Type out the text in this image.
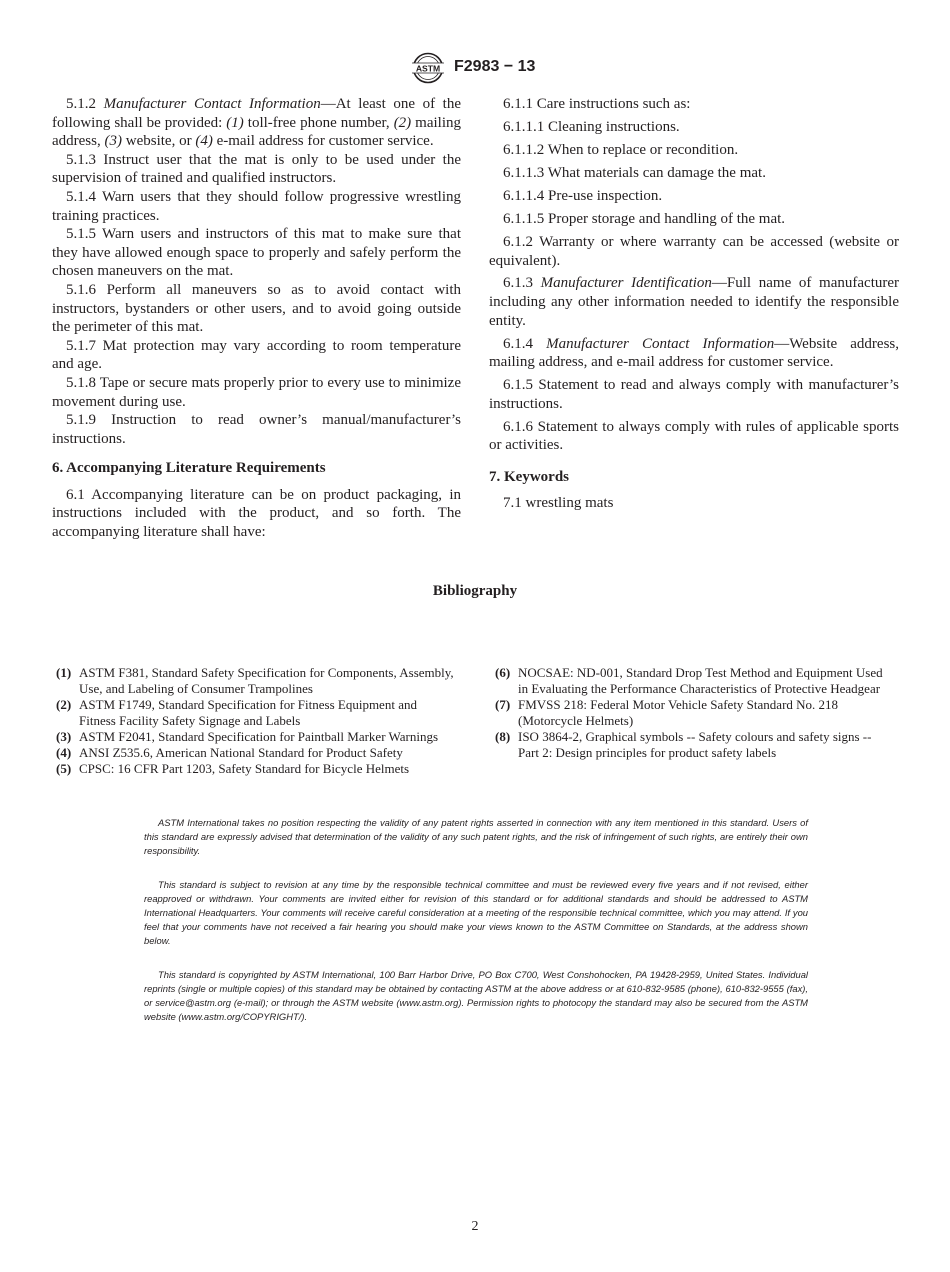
ASTM F2983 − 13

5.1.2 Manufacturer Contact Information—At least one of the following shall be provided: (1) toll-free phone number, (2) mailing address, (3) website, or (4) e-mail address for customer service.

5.1.3 Instruct user that the mat is only to be used under the supervision of trained and qualified instructors.

5.1.4 Warn users that they should follow progressive wrestling training practices.

5.1.5 Warn users and instructors of this mat to make sure that they have allowed enough space to properly and safely perform the chosen maneuvers on the mat.

5.1.6 Perform all maneuvers so as to avoid contact with instructors, bystanders or other users, and to avoid going outside the perimeter of this mat.

5.1.7 Mat protection may vary according to room temperature and age.

5.1.8 Tape or secure mats properly prior to every use to minimize movement during use.

5.1.9 Instruction to read owner’s manual/manufacturer’s instructions.

6. Accompanying Literature Requirements

6.1 Accompanying literature can be on product packaging, in instructions included with the product, and so forth. The accompanying literature shall have:

6.1.1 Care instructions such as:

6.1.1.1 Cleaning instructions.

6.1.1.2 When to replace or recondition.

6.1.1.3 What materials can damage the mat.

6.1.1.4 Pre-use inspection.

6.1.1.5 Proper storage and handling of the mat.

6.1.2 Warranty or where warranty can be accessed (website or equivalent).

6.1.3 Manufacturer Identification—Full name of manufacturer including any other information needed to identify the responsible entity.

6.1.4 Manufacturer Contact Information—Website address, mailing address, and e-mail address for customer service.

6.1.5 Statement to read and always comply with manufacturer’s instructions.

6.1.6 Statement to always comply with rules of applicable sports or activities.

7. Keywords

7.1 wrestling mats

Bibliography
(1) ASTM F381, Standard Safety Specification for Components, Assembly, Use, and Labeling of Consumer Trampolines
(2) ASTM F1749, Standard Specification for Fitness Equipment and Fitness Facility Safety Signage and Labels
(3) ASTM F2041, Standard Specification for Paintball Marker Warnings
(4) ANSI Z535.6, American National Standard for Product Safety
(5) CPSC: 16 CFR Part 1203, Safety Standard for Bicycle Helmets
(6) NOCSAE: ND-001, Standard Drop Test Method and Equipment Used in Evaluating the Performance Characteristics of Protective Headgear
(7) FMVSS 218: Federal Motor Vehicle Safety Standard No. 218 (Motorcycle Helmets)
(8) ISO 3864-2, Graphical symbols -- Safety colours and safety signs -- Part 2: Design principles for product safety labels

ASTM International takes no position respecting the validity of any patent rights asserted in connection with any item mentioned in this standard. Users of this standard are expressly advised that determination of the validity of any such patent rights, and the risk of infringement of such rights, are entirely their own responsibility.

This standard is subject to revision at any time by the responsible technical committee and must be reviewed every five years and if not revised, either reapproved or withdrawn. Your comments are invited either for revision of this standard or for additional standards and should be addressed to ASTM International Headquarters. Your comments will receive careful consideration at a meeting of the responsible technical committee, which you may attend. If you feel that your comments have not received a fair hearing you should make your views known to the ASTM Committee on Standards, at the address shown below.

This standard is copyrighted by ASTM International, 100 Barr Harbor Drive, PO Box C700, West Conshohocken, PA 19428-2959, United States. Individual reprints (single or multiple copies) of this standard may be obtained by contacting ASTM at the above address or at 610-832-9585 (phone), 610-832-9555 (fax), or service@astm.org (e-mail); or through the ASTM website (www.astm.org). Permission rights to photocopy the standard may also be secured from the ASTM website (www.astm.org/COPYRIGHT/).

2
